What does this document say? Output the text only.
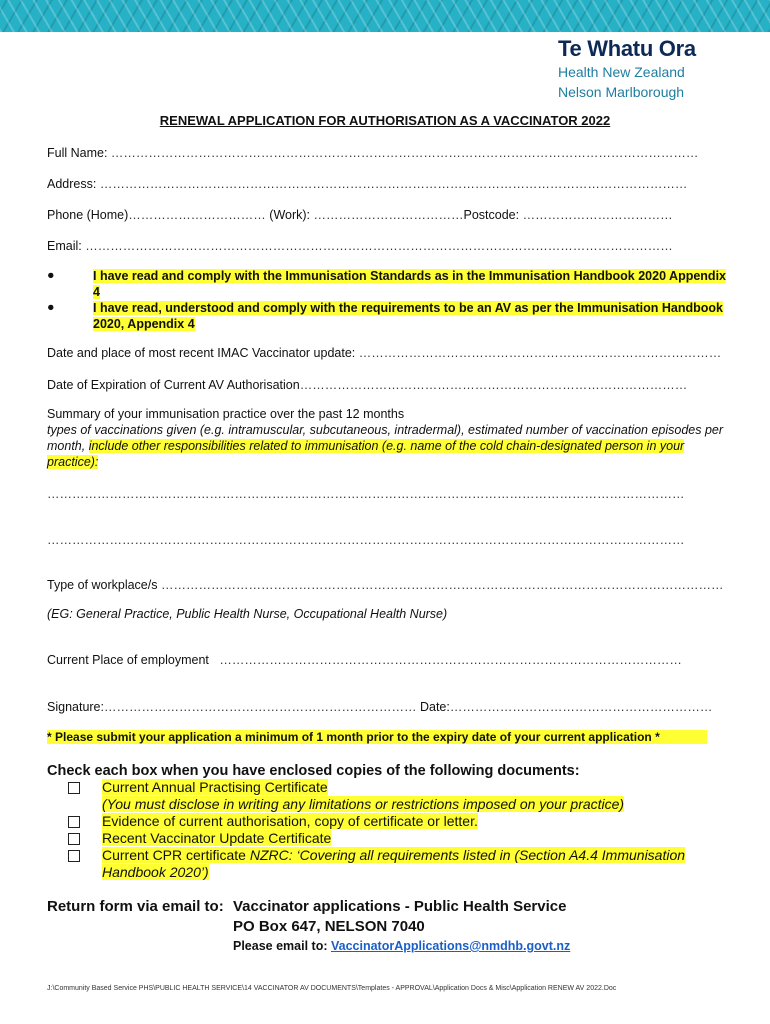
Te Whatu Ora
Health New Zealand
Nelson Marlborough
RENEWAL APPLICATION FOR AUTHORISATION AS A VACCINATOR 2022
Full Name: ……………………………………………………………………………………………………………………………
Address: ……………………………………………………………………………………………………………………………
Phone (Home)…………………………… (Work): ………………………………Postcode: ………………………………
Email: ……………………………………………………………………………………………………………………………
●	I have read and comply with the Immunisation Standards as in the Immunisation Handbook 2020 Appendix 4
●	I have read, understood and comply with the requirements to be an AV as per the Immunisation Handbook 2020, Appendix 4
Date and place of most recent IMAC Vaccinator update: ……………………………………………………………………………
Date of Expiration of Current AV Authorisation…………………………………………………………………………………
Summary of your immunisation practice over the past 12 months
types of vaccinations given (e.g. intramuscular, subcutaneous, intradermal), estimated number of vaccination episodes per month, include other responsibilities related to immunisation (e.g. name of the cold chain-designated person in your practice):
………………………………………………………………………………………………………………………………………
………………………………………………………………………………………………………………………………………
Type of workplace/s ………………………………………………………………………………………………………………………
(EG: General Practice, Public Health Nurse, Occupational Health Nurse)
Current Place of employment …………………………………………………………………………………………………
Signature:………………………………………………………………… Date:………………………………………………………
* Please submit your application a minimum of 1 month prior to the expiry date of your current application *
Check each box when you have enclosed copies of the following documents:
Current Annual Practising Certificate
(You must disclose in writing any limitations or restrictions imposed on your practice)
Evidence of current authorisation, copy of certificate or letter.
Recent Vaccinator Update Certificate
Current CPR certificate NZRC: ‘Covering all requirements listed in (Section A4.4 Immunisation Handbook 2020’)
Return form via email to: Vaccinator applications - Public Health Service
PO Box 647, NELSON 7040
Please email to: VaccinatorApplications@nmdhb.govt.nz
J:\Community Based Service PHS\PUBLIC HEALTH SERVICE\14 VACCINATOR AV DOCUMENTS\Templates - APPROVAL\Application Docs & Misc\Application RENEW AV 2022.Doc
